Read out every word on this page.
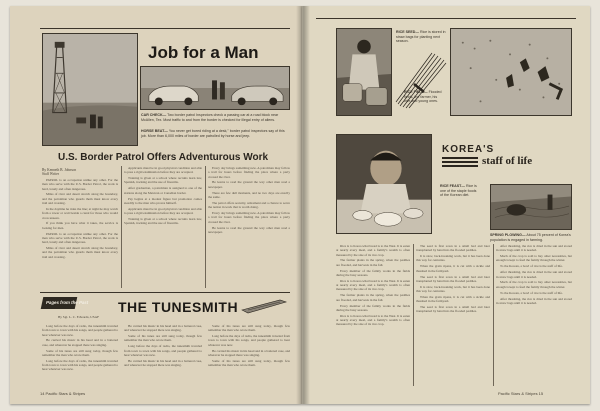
Job for a Man
CAR CHECK— Two border patrol Inspectors check a passing car at a road block near McAllen, Tex. Most traffic to and from the border is checked for illegal entry of aliens.
HORSE BEAT— You never get bored riding at a desk," border patrol inspectors say of this job. More than 6,000 miles of border are patrolled by horse and jeep.
U.S. Border Patrol Offers Adventurous Work
By Kenneth B. Johnson
Staff Writer

PATROL is an occupation unlike any other. For the men who serve with the U.S. Border Patrol, the work is hard, lonely and often dangerous.

Miles of river and desert stretch along the boundary, and the patrolman who guards them must know every trail and crossing.

In the daytime he rides the line; at night he may watch from a tower or wait beside a canal for those who would cross unseen.

If you think you have what it takes, the service is looking for men.

PATROL is an occupation unlike any other. For the men who serve with the U.S. Border Patrol, the work is hard, lonely and often dangerous.

Miles of river and desert stretch along the boundary, and the patrolman who guards them must know every trail and crossing.

Applicants must be in good physical condition and able to pass a rigid examination before they are accepted.

Training is given at a school where recruits learn law, Spanish, tracking and the use of firearms.

After graduation, a patrolman is assigned to one of the stations along the Mexican or Canadian border.

Pay begins at a modest figure but promotion comes steadily to the man who proves himself.

Applicants must be in good physical condition and able to pass a rigid examination before they are accepted.

Training is given at a school where recruits learn law, Spanish, tracking and the use of firearms.

Every day brings something new. A patrolman may follow a trail for hours before finding the place where a party crossed the river.

He learns to read the ground the way other men read a newspaper.

There are few dull moments, and no two days are exactly the same.

The patrol offers security, retirement and a chance to serve the nation in work that is worth doing.

Every day brings something new. A patrolman may follow a trail for hours before finding the place where a party crossed the river.

He learns to read the ground the way other men read a newspaper.

Pages from the Past THE TUNESMITH
By Sgt. L. C. Edwards, USAF

Long before the days of radio, the tunesmith traveled from town to town with his songs, and people gathered to hear whatever was new.

He carried his music in his head and in a battered case, and wherever he stopped there was singing.

Some of his tunes are still sung today, though few remember the man who wrote them.

Long before the days of radio, the tunesmith traveled from town to town with his songs, and people gathered to hear whatever was new.

He carried his music in his head and in a battered case, and wherever he stopped there was singing.

Some of his tunes are still sung today, though few remember the man who wrote them.

Long before the days of radio, the tunesmith traveled from town to town with his songs, and people gathered to hear whatever was new.

He carried his music in his head and in a battered case, and wherever he stopped there was singing.

Some of his tunes are still sung today, though few remember the man who wrote them.

Long before the days of radio, the tunesmith traveled from town to town with his songs, and people gathered to hear whatever was new.

He carried his music in his head and in a battered case, and wherever he stopped there was singing.

Some of his tunes are still sung today, though few remember the man who wrote them.

14 Pacific Stars & Stripes
RICE SEED— Rice is stored in straw bags for planting next season.
RICE FIELD— Flooded fields, the farmer, his wife and young ones.
KOREA'S
staff of life
RICE FEAST— Rice is one of the staple foods of the Korean diet.
SPRING PLOWING— About 75 percent of Korea's population is engaged in farming.

Rice is to Korea what bread is to the West. It is eaten at nearly every meal, and a family's wealth is often measured by the size of its rice crop.

The farmer plants in the spring, when the paddies are flooded, and harvests in the fall.

Every member of the family works in the fields during the busy seasons.

Rice is to Korea what bread is to the West. It is eaten at nearly every meal, and a family's wealth is often measured by the size of its rice crop.

The farmer plants in the spring, when the paddies are flooded, and harvests in the fall.

Every member of the family works in the fields during the busy seasons.

Rice is to Korea what bread is to the West. It is eaten at nearly every meal, and a family's wealth is often measured by the size of its rice crop.

The seed is first sown in a small bed and later transplanted by hand into the flooded paddies.

It is slow, back-breaking work, but it has been done this way for centuries.

When the grain ripens, it is cut with a sickle and threshed in the farmyard.

The seed is first sown in a small bed and later transplanted by hand into the flooded paddies.

It is slow, back-breaking work, but it has been done this way for centuries.

When the grain ripens, it is cut with a sickle and threshed in the farmyard.

The seed is first sown in a small bed and later transplanted by hand into the flooded paddies.

After threshing, the rice is dried in the sun and stored in straw bags until it is needed.

Much of the crop is sold to buy other necessities, but enough is kept to feed the family through the winter.

To the Korean, a bowl of rice is the staff of life.

After threshing, the rice is dried in the sun and stored in straw bags until it is needed.

Much of the crop is sold to buy other necessities, but enough is kept to feed the family through the winter.

To the Korean, a bowl of rice is the staff of life.

After threshing, the rice is dried in the sun and stored in straw bags until it is needed.

Pacific Stars & Stripes 15
